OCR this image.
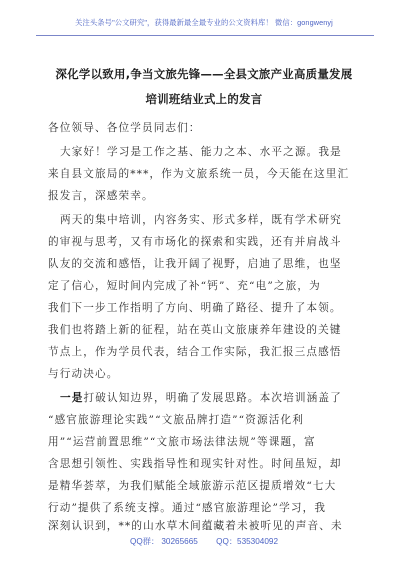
关注头条号"公文研究"，获得最新最全最专业的公文资料库！ 微信：gongwenyj
深化学以致用,争当文旅先锋——全县文旅产业高质量发展
培训班结业式上的发言
各位领导、各位学员同志们：
大家好！学习是工作之基、能力之本、水平之源。我是
来自县文旅局的***，作为文旅系统一员，今天能在这里汇
报发言，深感荣幸。
两天的集中培训，内容务实、形式多样，既有学术研究
的审视与思考，又有市场化的探索和实践，还有并肩战斗
队友的交流和感悟，让我开阔了视野，启迪了思维，也坚
定了信心，短时间内完成了补“钙”、充“电”之旅，为
我们下一步工作指明了方向、明确了路径、提升了本领。
我们也将踏上新的征程，站在英山文旅康养年建设的关键
节点上，作为学员代表，结合工作实际，我汇报三点感悟
与行动决心。
一是打破认知边界，明确了发展思路。本次培训涵盖了
“感官旅游理论实践”“文旅品牌打造”“资源活化利
用”“运营前置思维”“文旅市场法律法规”等课题，富
含思想引领性、实践指导性和现实针对性。时间虽短，却
是精华荟萃，为我们赋能全域旅游示范区提质增效“七大
行动”提供了系统支撑。通过“感官旅游理论”学习，我
深刻认识到，**的山水草木间蕴藏着未被听见的声音、未
QQ群： 30265665 QQ：535304092
